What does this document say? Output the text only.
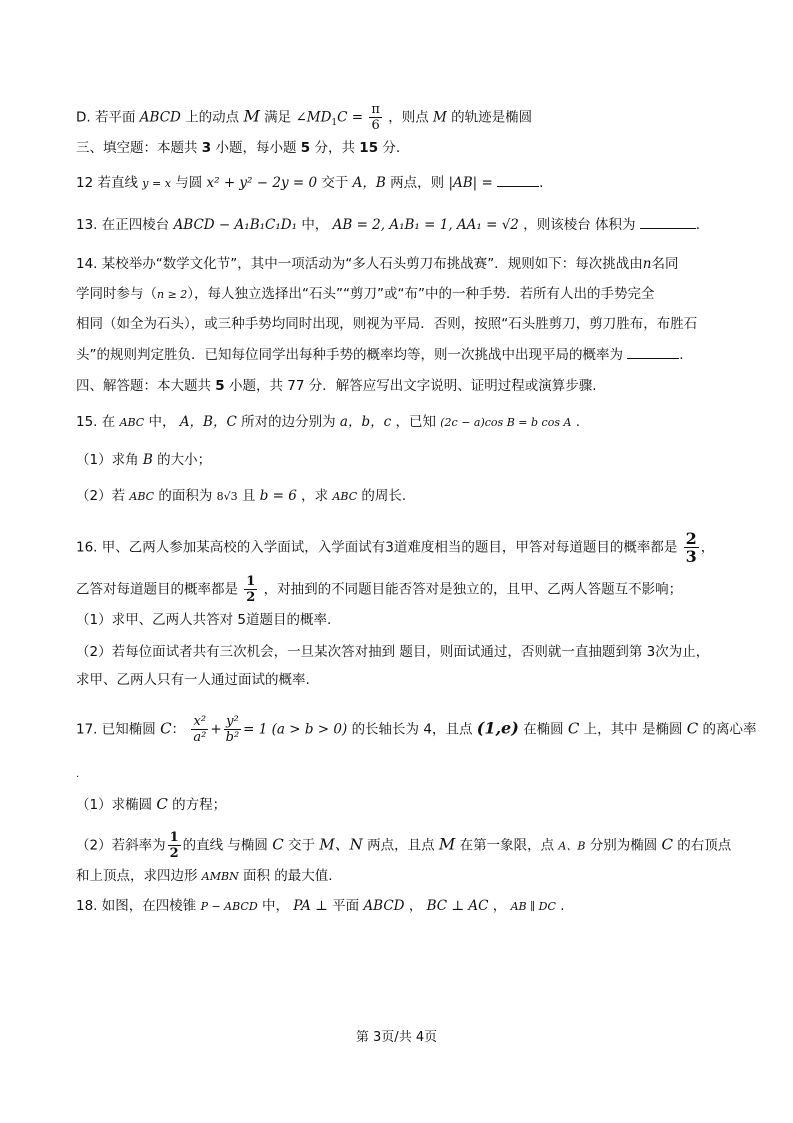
D. 若平面 ABCD 上的动点 M 满足 $\angle MD_1C = \frac{\pi}{6}$ ，则点 M 的轨迹是椭圆
三、填空题：本题共 3 小题，每小题 5 分，共 15 分.
12 若直线 y = x 与圆 x² + y² − 2y = 0 交于 A，B 两点，则 |AB| =	.
13. 在正四棱台 ABCD − A₁B₁C₁D₁ 中， AB = 2, A₁B₁ = 1, AA₁ = √2 ，则该棱台 体积为	.
14. 某校举办“数学文化节”，其中一项活动为“多人石头剪刀布挑战赛”．规则如下：每次挑战由n名同
学同时参与（n ≥ 2），每人独立选择出“石头”“剪刀”或“布”中的一种手势．若所有人出的手势完全
相同（如全为石头），或三种手势均同时出现，则视为平局．否则，按照“石头胜剪刀，剪刀胜布，布胜石
头”的规则判定胜负．已知每位同学出每种手势的概率均等，则一次挑战中出现平局的概率为	.
四、解答题：本大题共 5 小题，共 77 分．解答应写出文字说明、证明过程或演算步骤.
15. 在 ABC 中， A，B，C 所对的边分别为 a，b，c ，已知 (2c − a)cos B = b cos A .
（1）求角 B 的大小；
（2）若 ABC 的面积为 8√3 且 b = 6 ，求 ABC 的周长.
16. 甲、乙两人参加某高校的入学面试，入学面试有3道难度相当的题目，甲答对每道题目的概率都是 $\frac{2}{3}$ ，
乙答对每道题目的概率都是 $\frac{1}{2}$ ，对抽到的不同题目能否答对是独立的，且甲、乙两人答题互不影响；
（1）求甲、乙两人共答对 5道题目的概率.
（2）若每位面试者共有三次机会，一旦某次答对抽到 题目，则面试通过，否则就一直抽题到第 3次为止，
求甲、乙两人只有一人通过面试的概率.
17. 已知椭圆 C： $\frac{\text{x²}}{\text{a²}} + \frac{\text{y²}}{\text{b²}} = 1$ (a > b > 0) 的长轴长为 4，且点 (1,e) 在椭圆 C 上，其中 是椭圆 C 的离心率
·
（1）求椭圆 C 的方程；
（2）若斜率为 $\frac{1}{2}$ 的直线 与椭圆 C 交于 M、N 两点，且点 M 在第一象限，点 A、B 分别为椭圆 C 的右顶点
和上顶点，求四边形 AMBN 面积 的最大值.
18. 如图，在四棱锥 P − ABCD 中， PA ⊥ 平面 ABCD ， BC ⊥ AC ， AB ∥ DC .
第 3页/共 4页
